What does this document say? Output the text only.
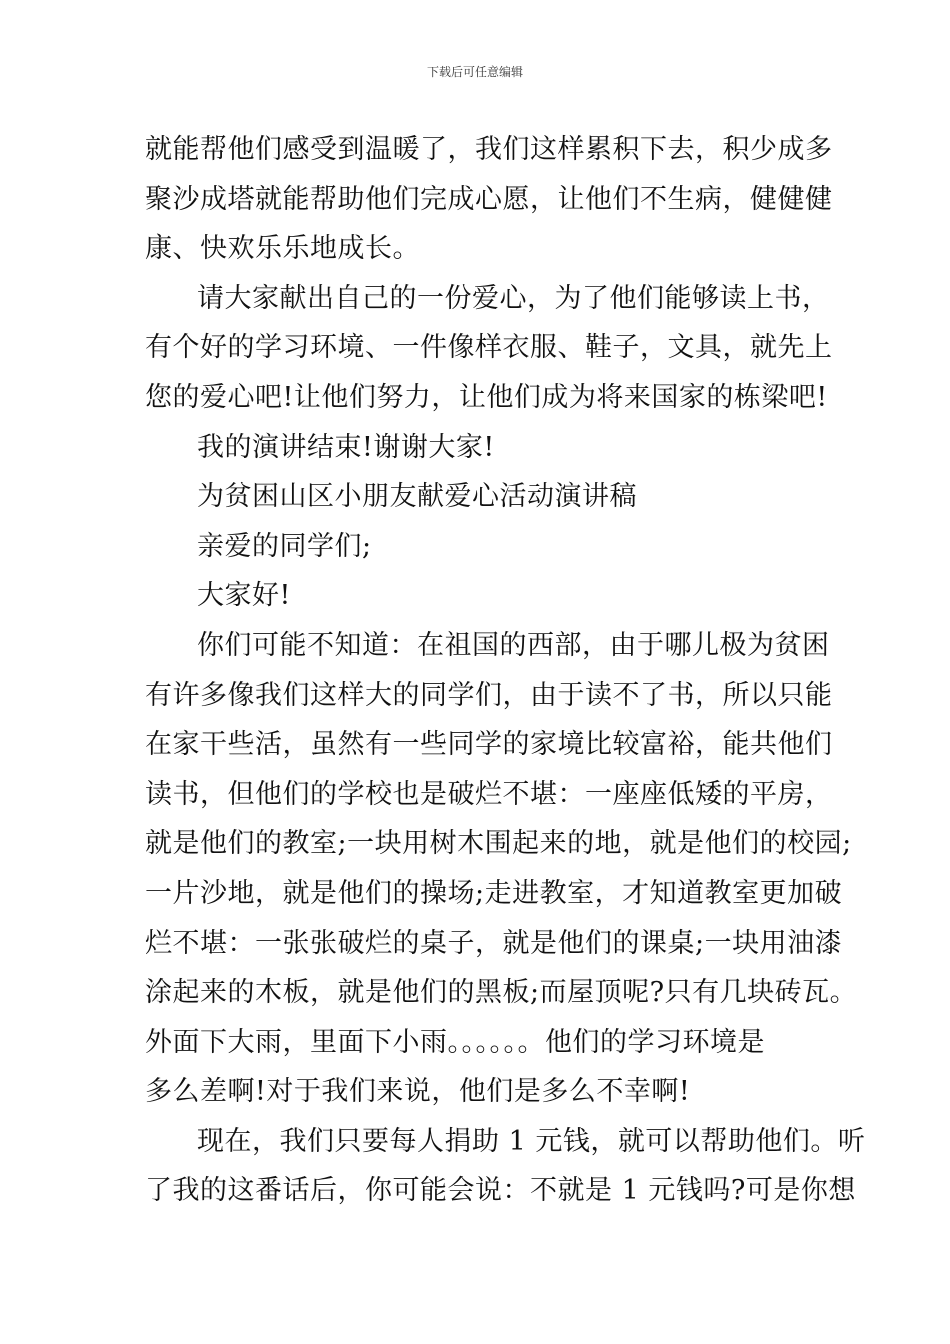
下载后可任意编辑
就能帮他们感受到温暖了，我们这样累积下去，积少成多
聚沙成塔就能帮助他们完成心愿，让他们不生病，健健健
康、快欢乐乐地成长。
请大家献出自己的一份爱心，为了他们能够读上书，
有个好的学习环境、一件像样衣服、鞋子，文具，就先上
您的爱心吧!让他们努力，让他们成为将来国家的栋梁吧!
我的演讲结束!谢谢大家!
为贫困山区小朋友献爱心活动演讲稿
亲爱的同学们;
大家好!
你们可能不知道：在祖国的西部，由于哪儿极为贫困
有许多像我们这样大的同学们，由于读不了书，所以只能
在家干些活，虽然有一些同学的家境比较富裕，能共他们
读书，但他们的学校也是破烂不堪：一座座低矮的平房，
就是他们的教室;一块用树木围起来的地，就是他们的校园;
一片沙地，就是他们的操场;走进教室，才知道教室更加破
烂不堪：一张张破烂的桌子，就是他们的课桌;一块用油漆
涂起来的木板，就是他们的黑板;而屋顶呢?只有几块砖瓦。
外面下大雨，里面下小雨。。。。。。他们的学习环境是
多么差啊!对于我们来说，他们是多么不幸啊!
现在，我们只要每人捐助 1 元钱，就可以帮助他们。听
了我的这番话后，你可能会说：不就是 1 元钱吗?可是你想
